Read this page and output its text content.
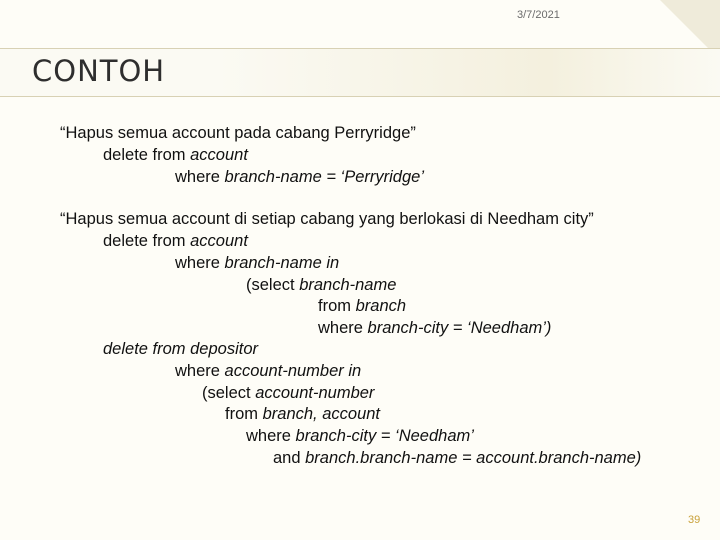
3/7/2021
CONTOH
“Hapus semua account pada cabang Perryridge”
delete from account
where branch-name = ‘Perryridge’
“Hapus semua account di setiap cabang yang berlokasi di Needham city”
delete from account
where branch-name in
(select branch-name
from branch
where branch-city = ‘Needham’)
delete from depositor
where account-number in
(select account-number
from branch, account
where branch-city = ‘Needham’
and branch.branch-name = account.branch-name)
39
